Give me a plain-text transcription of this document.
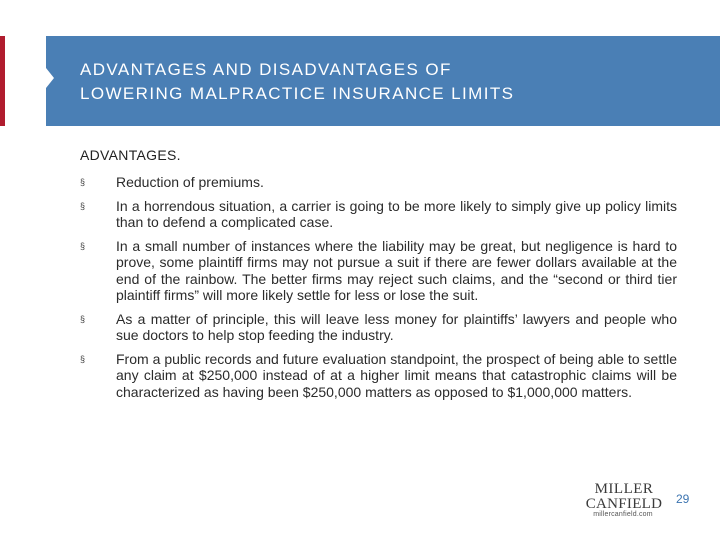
ADVANTAGES AND DISADVANTAGES OF
LOWERING MALPRACTICE INSURANCE LIMITS
ADVANTAGES.
§	Reduction of premiums.
§	In a horrendous situation, a carrier is going to be more likely to simply give up policy limits than to defend a complicated case.
§	In a small number of instances where the liability may be great, but negligence is hard to prove, some plaintiff firms may not pursue a suit if there are fewer dollars available at the end of the rainbow. The better firms may reject such claims, and the “second or third tier plaintiff firms” will more likely settle for less or lose the suit.
§	As a matter of principle, this will leave less money for plaintiffs’ lawyers and people who sue doctors to help stop feeding the industry.
§	From a public records and future evaluation standpoint, the prospect of being able to settle any claim at $250,000 instead of at a higher limit means that catastrophic claims will be characterized as having been $250,000 matters as opposed to $1,000,000 matters.
MILLER
CANFIELD
millercanfield.com
29
